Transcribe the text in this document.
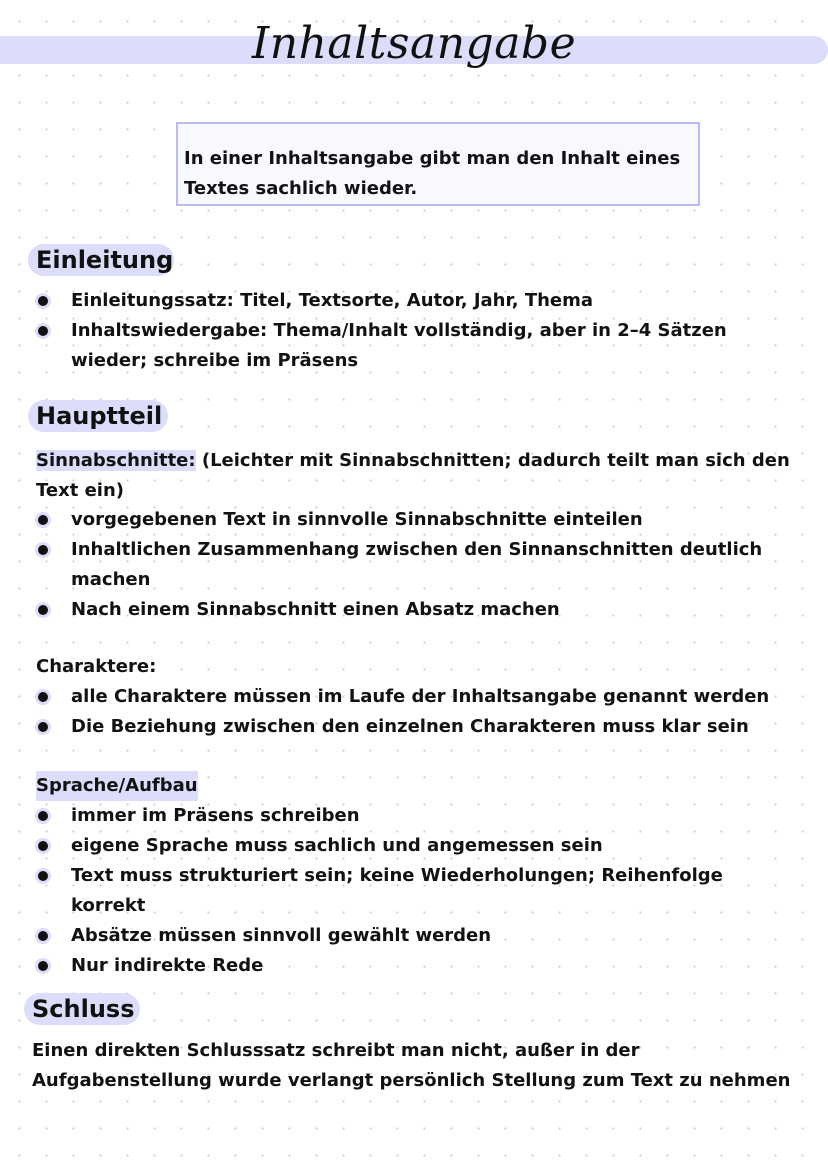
Inhaltsangabe
In einer Inhaltsangabe gibt man den Inhalt eines Textes sachlich wieder.
Einleitung
Einleitungssatz: Titel, Textsorte, Autor, Jahr, Thema
Inhaltswiedergabe: Thema/Inhalt vollständig, aber in 2–4 Sätzen wieder; schreibe im Präsens
Hauptteil
Sinnabschnitte: (Leichter mit Sinnabschnitten; dadurch teilt man sich den Text ein)
vorgegebenen Text in sinnvolle Sinnabschnitte einteilen
Inhaltlichen Zusammenhang zwischen den Sinnanschnitten deutlich machen
Nach einem Sinnabschnitt einen Absatz machen
Charaktere:
alle Charaktere müssen im Laufe der Inhaltsangabe genannt werden
Die Beziehung zwischen den einzelnen Charakteren muss klar sein
Sprache/Aufbau
immer im Präsens schreiben
eigene Sprache muss sachlich und angemessen sein
Text muss strukturiert sein; keine Wiederholungen; Reihenfolge korrekt
Absätze müssen sinnvoll gewählt werden
Nur indirekte Rede
Schluss
Einen direkten Schlusssatz schreibt man nicht, außer in der Aufgabenstellung wurde verlangt persönlich Stellung zum Text zu nehmen
